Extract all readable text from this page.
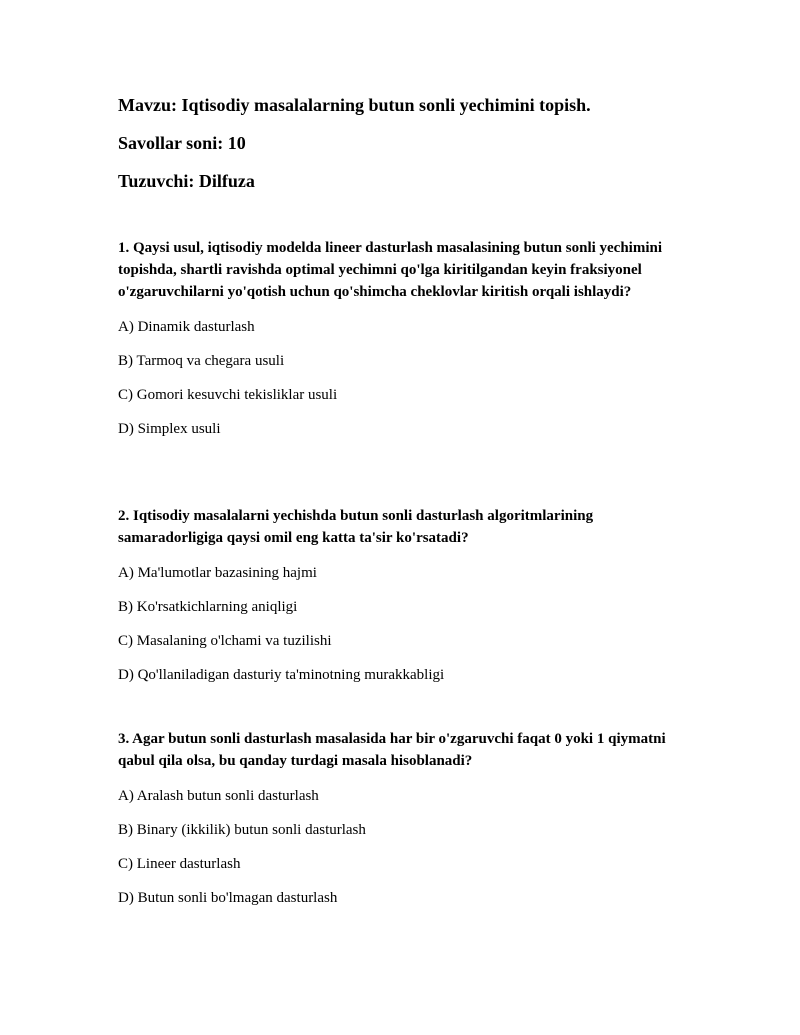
Mavzu: Iqtisodiy masalalarning butun sonli yechimini topish.

Savollar soni: 10

Tuzuvchi: Dilfuza

1. Qaysi usul, iqtisodiy modelda lineer dasturlash masalasining butun sonli yechimini topishda, shartli ravishda optimal yechimni qo'lga kiritilgandan keyin fraksiyonel o'zgaruvchilarni yo'qotish uchun qo'shimcha cheklovlar kiritish orqali ishlaydi?

A) Dinamik dasturlash
B) Tarmoq va chegara usuli
C) Gomori kesuvchi tekisliklar usuli
D) Simplex usuli

2. Iqtisodiy masalalarni yechishda butun sonli dasturlash algoritmlarining samaradorligiga qaysi omil eng katta ta'sir ko'rsatadi?

A) Ma'lumotlar bazasining hajmi
B) Ko'rsatkichlarning aniqligi
C) Masalaning o'lchami va tuzilishi
D) Qo'llaniladigan dasturiy ta'minotning murakkabligi

3. Agar butun sonli dasturlash masalasida har bir o'zgaruvchi faqat 0 yoki 1 qiymatni qabul qila olsa, bu qanday turdagi masala hisoblanadi?

A) Aralash butun sonli dasturlash
B) Binary (ikkilik) butun sonli dasturlash
C) Lineer dasturlash
D) Butun sonli bo'lmagan dasturlash
